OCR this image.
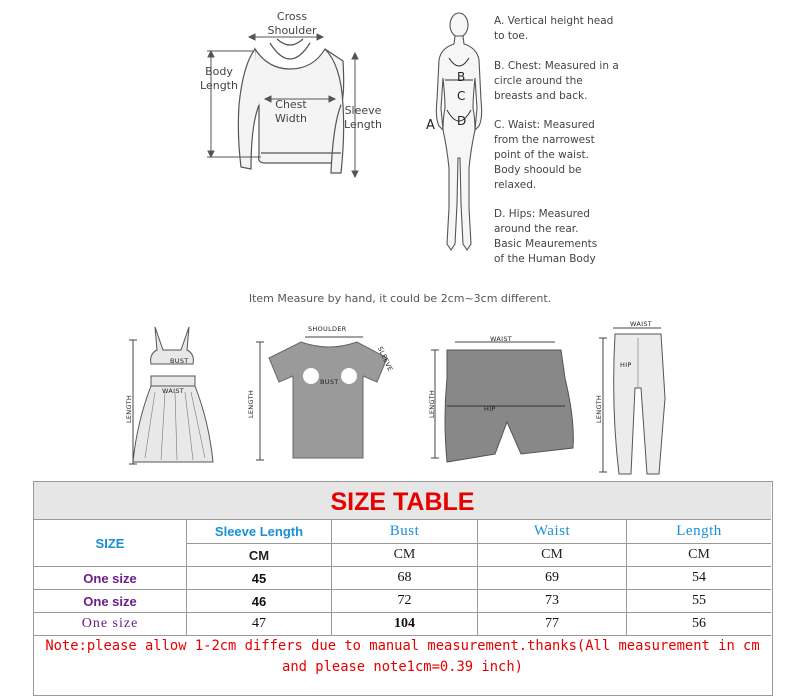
Cross Shoulder
Body Length
Chest Width
Sleeve Length	A
B
C
D
A. Vertical height head
to toe.
B. Chest: Measured in a
circle around the
breasts and back.
C. Waist: Measured
from the narrowest
point of the waist.
Body shoould be
relaxed.
D. Hips: Measured
around the rear.
Basic Meaurements
of the Human Body
Item Measure by hand, it could be 2cm~3cm different.
BUST
WAIST
LENGTH
SHOULDER
SLEEVE
BUST
LENGTH
WAIST
HIP
LENGTH
WAIST
HIP
LENGTH
SIZE TABLE
SIZE
Sleeve Length	Bust	Waist	Length
CM	CM	CM	CM
One size	45	68	69	54
One size	46	72	73	55
One size	47	104	77	56
Note:please allow 1-2cm differs due to manual measurement.thanks(All measurement in cm and please note1cm=0.39 inch)
